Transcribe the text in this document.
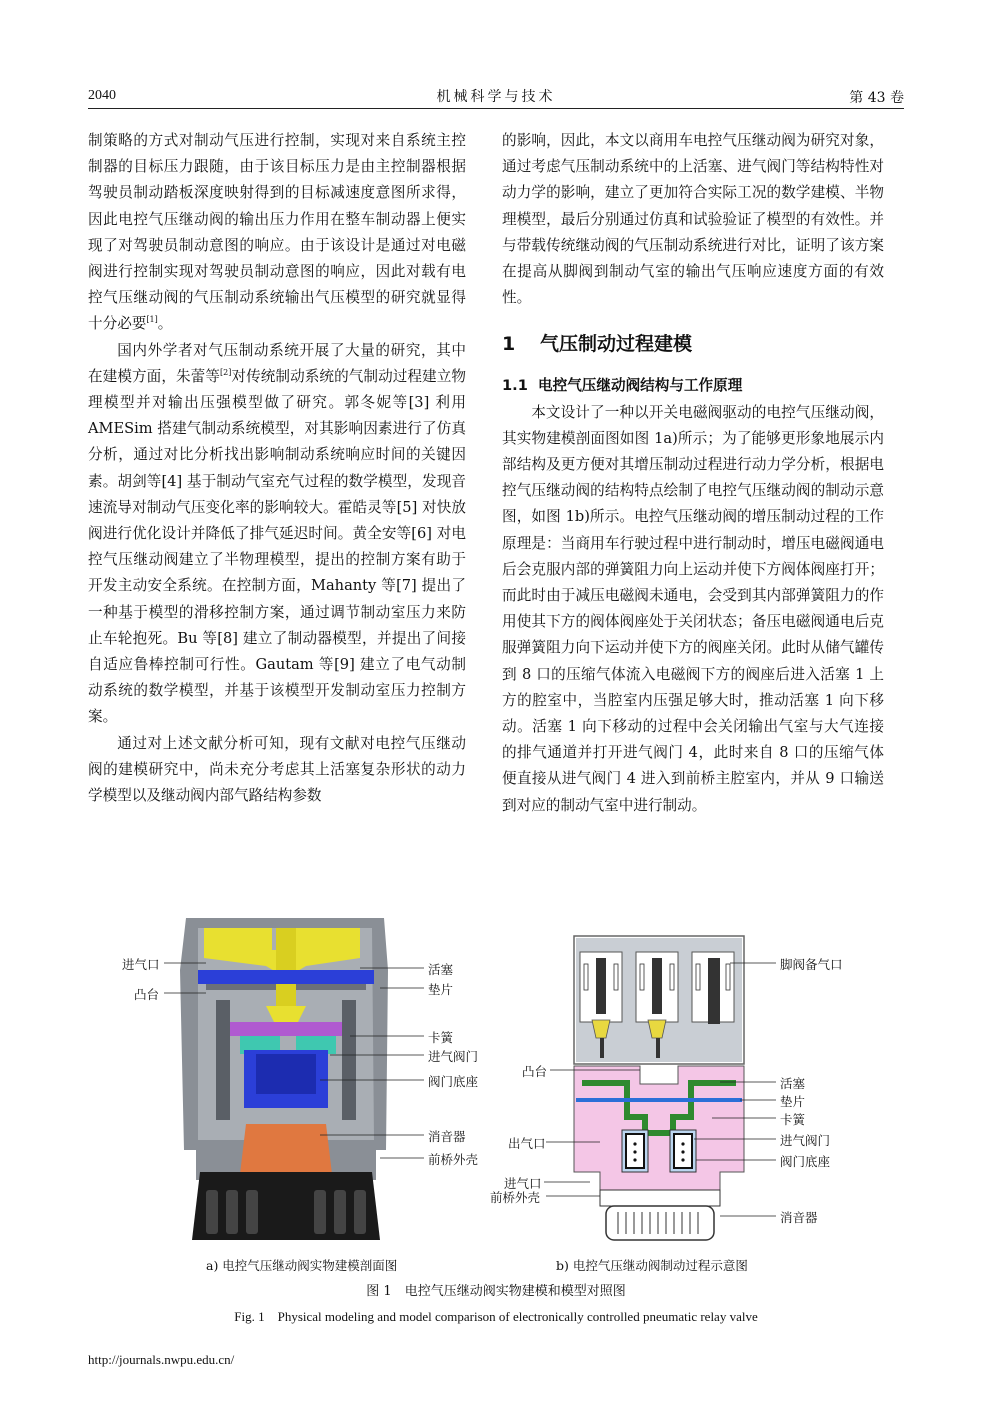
2040	机械科学与技术	第 43 卷

制策略的方式对制动气压进行控制，实现对来自系统主控制器的目标压力跟随，由于该目标压力是由主控制器根据驾驶员制动踏板深度映射得到的目标减速度意图所求得，因此电控气压继动阀的输出压力作用在整车制动器上便实现了对驾驶员制动意图的响应。由于该设计是通过对电磁阀进行控制实现对驾驶员制动意图的响应，因此对载有电控气压继动阀的气压制动系统输出气压模型的研究就显得十分必要[1]。

国内外学者对气压制动系统开展了大量的研究，其中在建模方面，朱蕾等[2]对传统制动系统的气制动过程建立物理模型并对输出压强模型做了研究。郭冬妮等[3] 利用 AMESim 搭建气制动系统模型，对其影响因素进行了仿真分析，通过对比分析找出影响制动系统响应时间的关键因素。胡剑等[4] 基于制动气室充气过程的数学模型，发现音速流导对制动气压变化率的影响较大。霍皓灵等[5] 对快放阀进行优化设计并降低了排气延迟时间。黄全安等[6] 对电控气压继动阀建立了半物理模型，提出的控制方案有助于开发主动安全系统。在控制方面，Mahanty 等[7] 提出了一种基于模型的滑移控制方案，通过调节制动室压力来防止车轮抱死。Bu 等[8] 建立了制动器模型，并提出了间接自适应鲁棒控制可行性。Gautam 等[9] 建立了电气动制动系统的数学模型，并基于该模型开发制动室压力控制方案。

通过对上述文献分析可知，现有文献对电控气压继动阀的建模研究中，尚未充分考虑其上活塞复杂形状的动力学模型以及继动阀内部气路结构参数

的影响，因此，本文以商用车电控气压继动阀为研究对象，通过考虑气压制动系统中的上活塞、进气阀门等结构特性对动力学的影响，建立了更加符合实际工况的数学建模、半物理模型，最后分别通过仿真和试验验证了模型的有效性。并与带载传统继动阀的气压制动系统进行对比，证明了该方案在提高从脚阀到制动气室的输出气压响应速度方面的有效性。

1 气压制动过程建模
1.1 电控气压继动阀结构与工作原理

本文设计了一种以开关电磁阀驱动的电控气压继动阀，其实物建模剖面图如图 1a)所示；为了能够更形象地展示内部结构及更方便对其增压制动过程进行动力学分析，根据电控气压继动阀的结构特点绘制了电控气压继动阀的制动示意图，如图 1b)所示。电控气压继动阀的增压制动过程的工作原理是：当商用车行驶过程中进行制动时，增压电磁阀通电后会克服内部的弹簧阻力向上运动并使下方阀体阀座打开；而此时由于减压电磁阀未通电，会受到其内部弹簧阻力的作用使其下方的阀体阀座处于关闭状态；备压电磁阀通电后克服弹簧阻力向下运动并使下方的阀座关闭。此时从储气罐传到 8 口的压缩气体流入电磁阀下方的阀座后进入活塞 1 上方的腔室中，当腔室内压强足够大时，推动活塞 1 向下移动。活塞 1 向下移动的过程中会关闭输出气室与大气连接的排气通道并打开进气阀门 4，此时来自 8 口的压缩气体便直接从进气阀门 4 进入到前桥主腔室内，并从 9 口输送到对应的制动气室中进行制动。

进气口
凸台
活塞
垫片
卡簧
进气阀门
阀门底座
消音器
前桥外壳
a) 电控气压继动阀实物建模剖面图
脚阀备气口
凸台
活塞
垫片
卡簧
出气口	进气阀门
阀门底座
进气口
前桥外壳
消音器
b) 电控气压继动阀制动过程示意图
图 1　电控气压继动阀实物建模和模型对照图
Fig. 1　Physical modeling and model comparison of electronically controlled pneumatic relay valve
http://journals.nwpu.edu.cn/
